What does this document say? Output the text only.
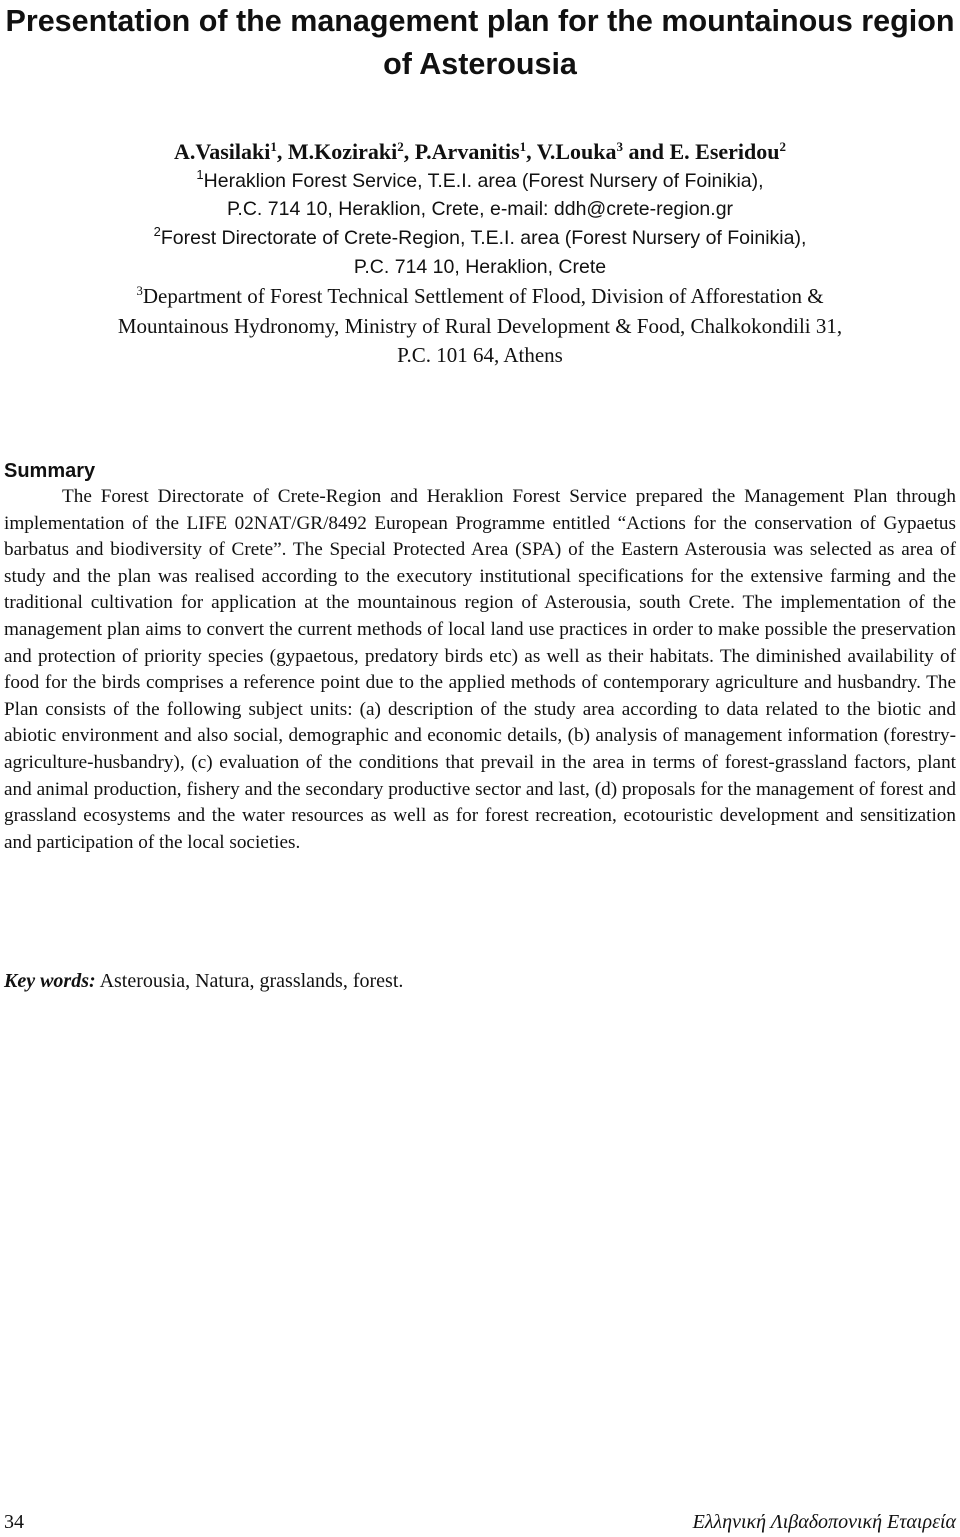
Presentation of the management plan for the mountainous region of Asterousia
A.Vasilaki$^1$, M.Koziraki$^2$, P.Arvanitis$^1$, V.Louka$^3$ and E. Eseridou$^2$
$^1$Heraklion Forest Service, T.E.I. area (Forest Nursery of Foinikia),
P.C. 714 10, Heraklion, Crete, e-mail: ddh@crete-region.gr
$^2$Forest Directorate of Crete-Region, T.E.I. area (Forest Nursery of Foinikia),
P.C. 714 10, Heraklion, Crete
$^3$Department of Forest Technical Settlement of Flood, Division of Afforestation &
Mountainous Hydronomy, Ministry of Rural Development & Food, Chalkokondili 31,
P.C. 101 64, Athens
Summary

The Forest Directorate of Crete-Region and Heraklion Forest Service prepared the Management Plan through implementation of the LIFE 02NAT/GR/8492 European Programme entitled “Actions for the conservation of Gypaetus barbatus and biodiversity of Crete”. The Special Protected Area (SPA) of the Eastern Asterousia was selected as area of study and the plan was realised according to the executory institutional specifications for the extensive farming and the traditional cultivation for application at the mountainous region of Asterousia, south Crete. The implementation of the management plan aims to convert the current methods of local land use practices in order to make possible the preservation and protection of priority species (gypaetous, predatory birds etc) as well as their habitats. The diminished availability of food for the birds comprises a reference point due to the applied methods of contemporary agriculture and husbandry. The Plan consists of the following subject units: (a) description of the study area according to data related to the biotic and abiotic environment and also social, demographic and economic details, (b) analysis of management information (forestry-agriculture-husbandry), (c) evaluation of the conditions that prevail in the area in terms of forest-grassland factors, plant and animal production, fishery and the secondary productive sector and last, (d) proposals for the management of forest and grassland ecosystems and the water resources as well as for forest recreation, ecotouristic development and sensitization and participation of the local societies.

Key words: Asterousia, Natura, grasslands, forest.

34	Ελληνική Λιβαδοπονική Εταιρεία
